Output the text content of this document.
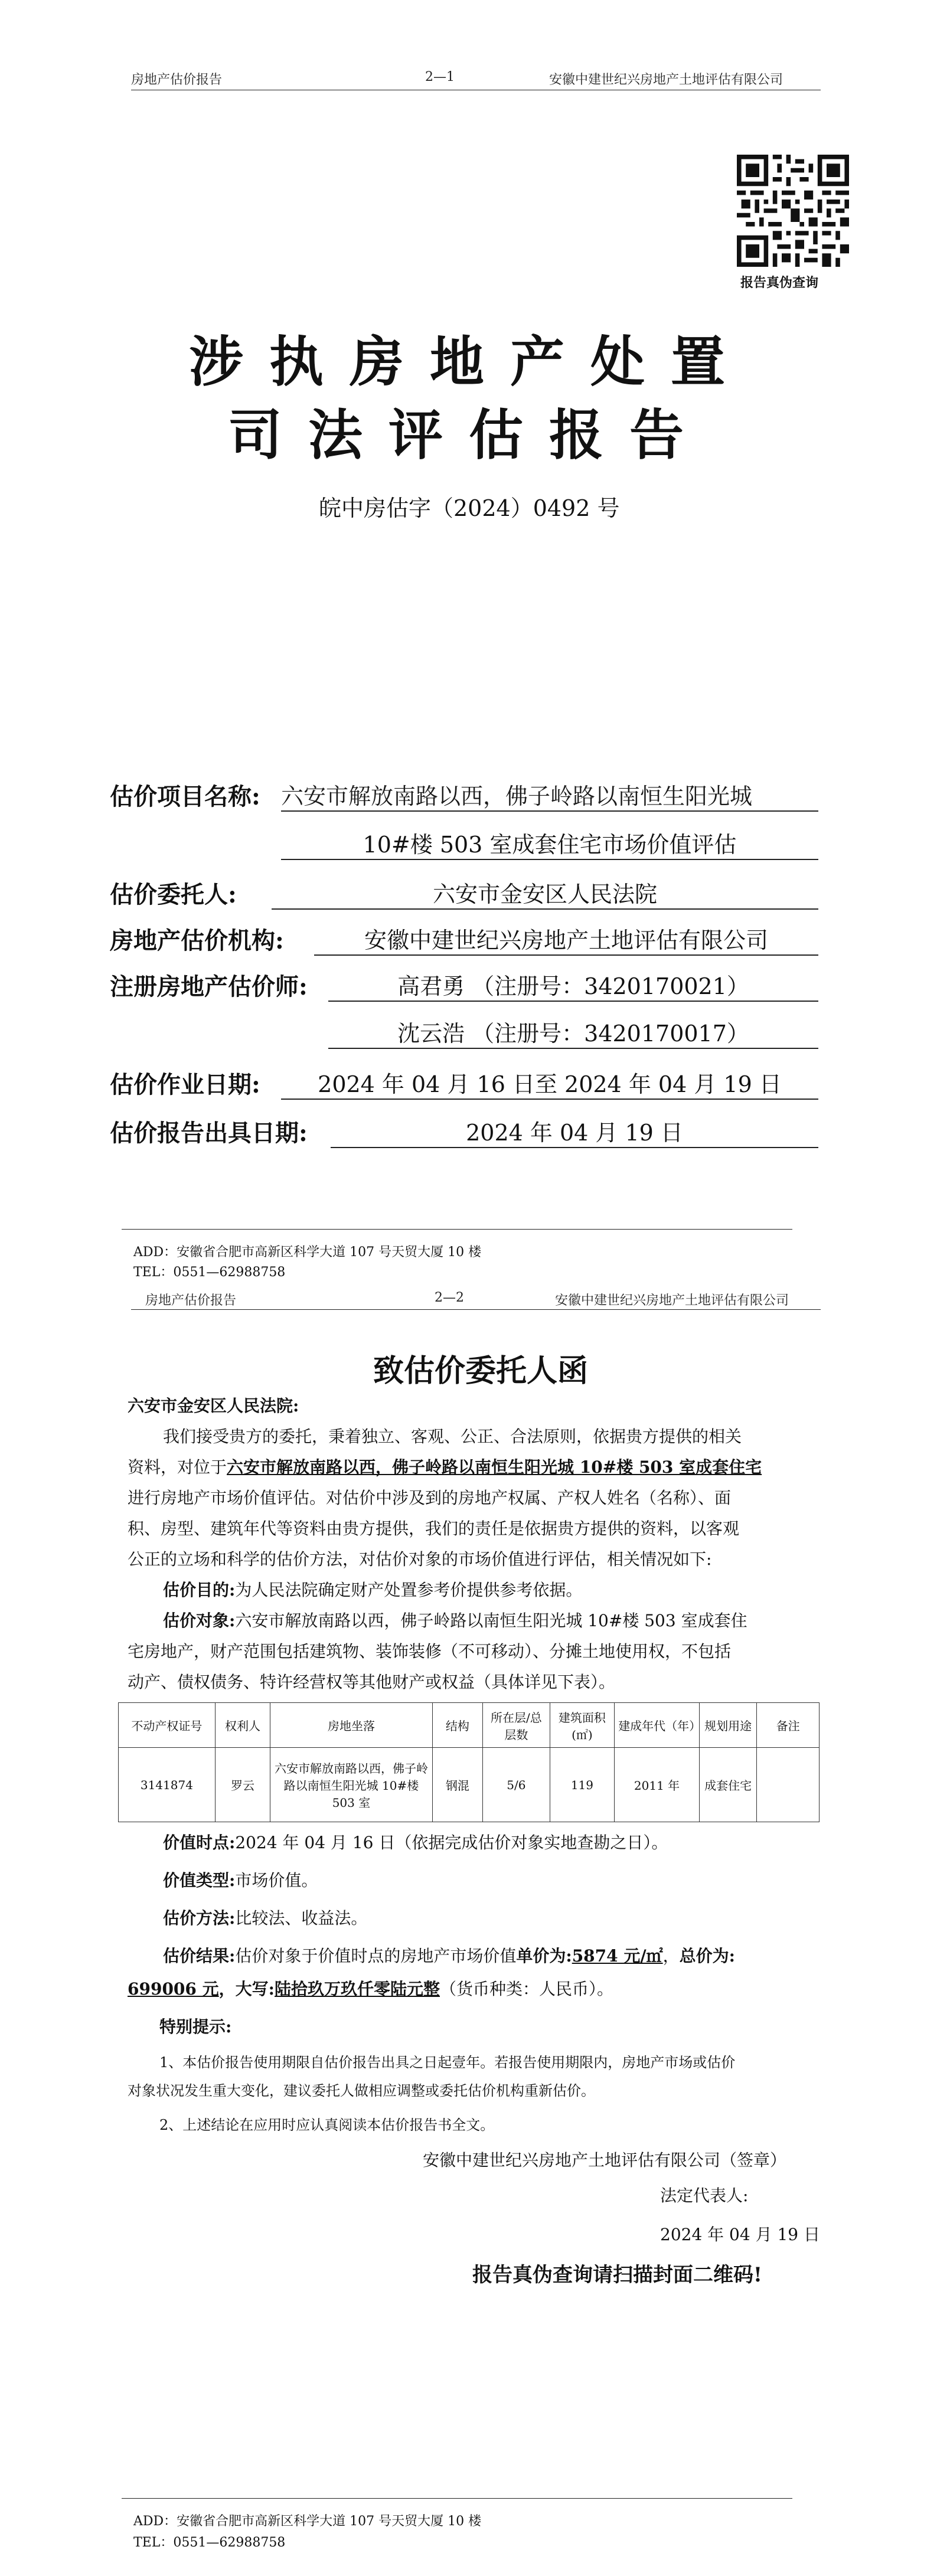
房地产估价报告	2—1	安徽中建世纪兴房地产土地评估有限公司
报告真伪查询
涉执房地产处置
司法评估报告
皖中房估字（2024）0492 号
估价项目名称: 六安市解放南路以西，佛子岭路以南恒生阳光城
10#楼 503 室成套住宅市场价值评估
估价委托人:	六安市金安区人民法院
房地产估价机构:	安徽中建世纪兴房地产土地评估有限公司
注册房地产估价师:	高君勇 （注册号：3420170021）
沈云浩 （注册号：3420170017）
估价作业日期:	2024 年 04 月 16 日至 2024 年 04 月 19 日
估价报告出具日期:	2024 年 04 月 19 日
ADD：安徽省合肥市高新区科学大道 107 号天贸大厦 10 楼
TEL：0551—62988758
房地产估价报告	2—2	安徽中建世纪兴房地产土地评估有限公司
致估价委托人函
六安市金安区人民法院:
我们接受贵方的委托，秉着独立、客观、公正、合法原则，依据贵方提供的相关
资料，对位于六安市解放南路以西，佛子岭路以南恒生阳光城 10#楼 503 室成套住宅
进行房地产市场价值评估。对估价中涉及到的房地产权属、产权人姓名（名称）、面
积、房型、建筑年代等资料由贵方提供，我们的责任是依据贵方提供的资料，以客观
公正的立场和科学的估价方法，对估价对象的市场价值进行评估，相关情况如下:
估价目的:为人民法院确定财产处置参考价提供参考依据。
估价对象:六安市解放南路以西，佛子岭路以南恒生阳光城 10#楼 503 室成套住
宅房地产，财产范围包括建筑物、装饰装修（不可移动）、分摊土地使用权，不包括
动产、债权债务、特许经营权等其他财产或权益（具体详见下表）。
不动产权证号	权利人	房地坐落	结构	所在层/总层数	建筑面积(㎡)	建成年代（年）	规划用途	备注
3141874	罗云	六安市解放南路以西，佛子岭路以南恒生阳光城 10#楼 503 室	钢混	5/6	119	2011 年	成套住宅	
价值时点:2024 年 04 月 16 日（依据完成估价对象实地查勘之日）。
价值类型:市场价值。
估价方法:比较法、收益法。
估价结果:估价对象于价值时点的房地产市场价值单价为:5874 元/㎡，总价为:
699006 元，大写:陆拾玖万玖仟零陆元整（货币种类：人民币）。
特别提示:
1、本估价报告使用期限自估价报告出具之日起壹年。若报告使用期限内，房地产市场或估价
对象状况发生重大变化，建议委托人做相应调整或委托估价机构重新估价。
2、上述结论在应用时应认真阅读本估价报告书全文。
安徽中建世纪兴房地产土地评估有限公司（签章）
法定代表人:
2024 年 04 月 19 日
报告真伪查询请扫描封面二维码!
ADD：安徽省合肥市高新区科学大道 107 号天贸大厦 10 楼
TEL：0551—62988758
